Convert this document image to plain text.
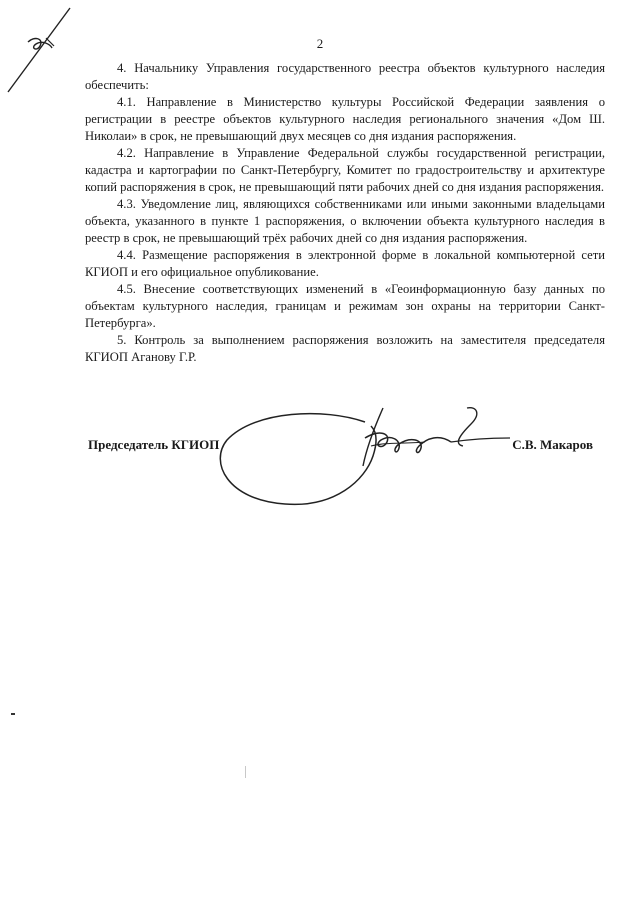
2

4. Начальнику Управления государственного реестра объектов культурного наследия обеспечить:

4.1. Направление в Министерство культуры Российской Федерации заявления о регистрации в реестре объектов культурного наследия регионального значения «Дом Ш. Николаи» в срок, не превышающий двух месяцев со дня издания распоряжения.

4.2. Направление в Управление Федеральной службы государственной регистрации, кадастра и картографии по Санкт-Петербургу, Комитет по градостроительству и архитектуре копий распоряжения в срок, не превышающий пяти рабочих дней со дня издания распоряжения.

4.3. Уведомление лиц, являющихся собственниками или иными законными владельцами объекта, указанного в пункте 1 распоряжения, о включении объекта культурного наследия в реестр в срок, не превышающий трёх рабочих дней со дня издания распоряжения.

4.4. Размещение распоряжения в электронной форме в локальной компьютерной сети КГИОП и его официальное опубликование.

4.5. Внесение соответствующих изменений в «Геоинформационную базу данных по объектам культурного наследия, границам и режимам зон охраны на территории Санкт-Петербурга».

5. Контроль за выполнением распоряжения возложить на заместителя председателя КГИОП Аганову Г.Р.

Председатель КГИОП	С.В. Макаров
